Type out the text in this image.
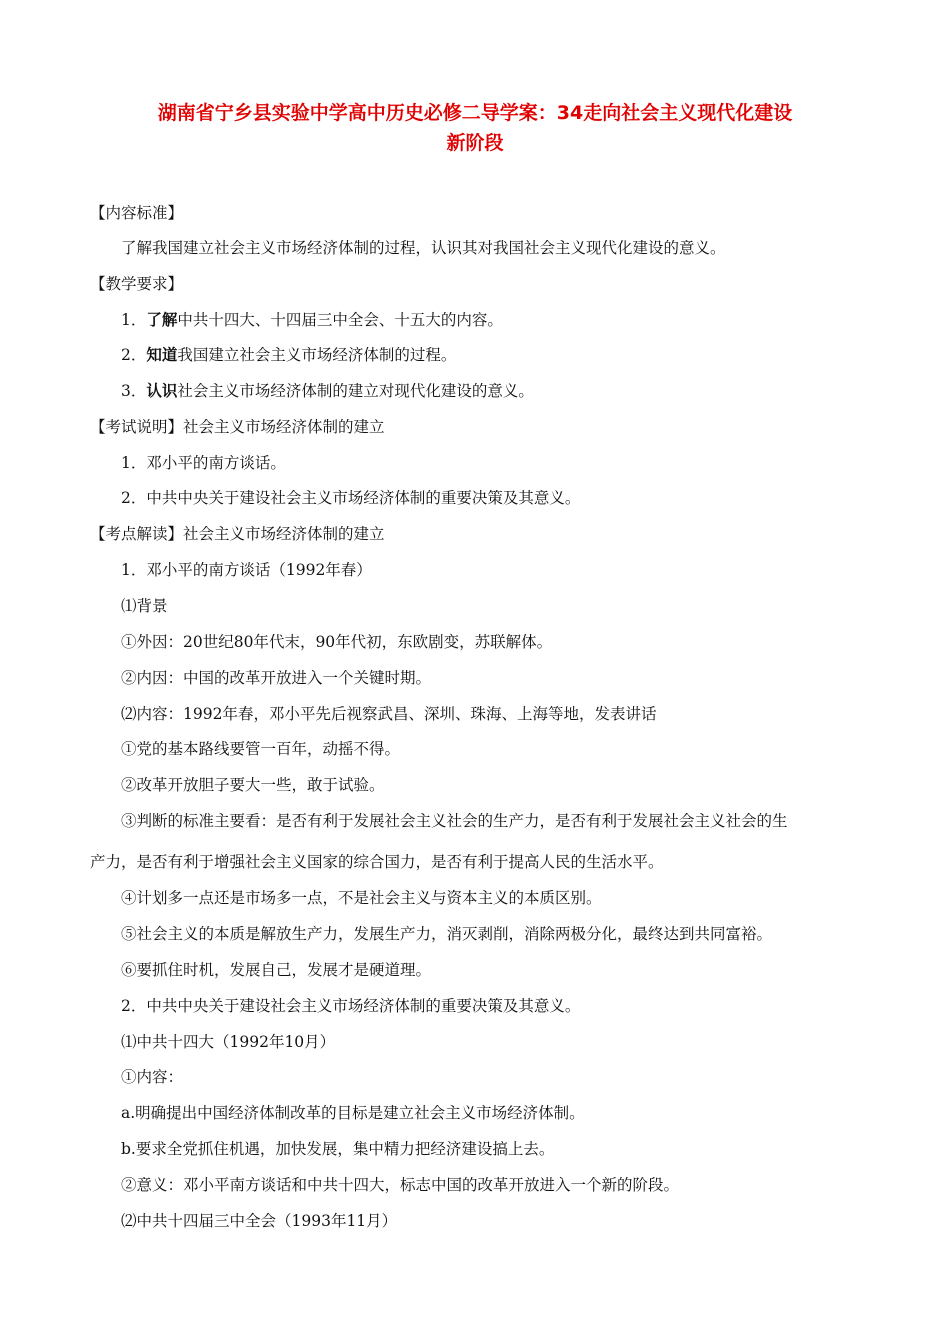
湖南省宁乡县实验中学高中历史必修二导学案：34走向社会主义现代化建设
新阶段
【内容标准】
了解我国建立社会主义市场经济体制的过程，认识其对我国社会主义现代化建设的意义。
【教学要求】
1．了解中共十四大、十四届三中全会、十五大的内容。
2．知道我国建立社会主义市场经济体制的过程。
3．认识社会主义市场经济体制的建立对现代化建设的意义。
【考试说明】社会主义市场经济体制的建立
1．邓小平的南方谈话。
2．中共中央关于建设社会主义市场经济体制的重要决策及其意义。
【考点解读】社会主义市场经济体制的建立
1．邓小平的南方谈话（1992年春）
⑴背景
①外因：20世纪80年代末，90年代初，东欧剧变，苏联解体。
②内因：中国的改革开放进入一个关键时期。
⑵内容：1992年春，邓小平先后视察武昌、深圳、珠海、上海等地，发表讲话
①党的基本路线要管一百年，动摇不得。
②改革开放胆子要大一些，敢于试验。
③判断的标准主要看：是否有利于发展社会主义社会的生产力，是否有利于发展社会主义社会的生
产力，是否有利于增强社会主义国家的综合国力，是否有利于提高人民的生活水平。
④计划多一点还是市场多一点，不是社会主义与资本主义的本质区别。
⑤社会主义的本质是解放生产力，发展生产力，消灭剥削，消除两极分化，最终达到共同富裕。
⑥要抓住时机，发展自己，发展才是硬道理。
2．中共中央关于建设社会主义市场经济体制的重要决策及其意义。
⑴中共十四大（1992年10月）
①内容：
a.明确提出中国经济体制改革的目标是建立社会主义市场经济体制。
b.要求全党抓住机遇，加快发展，集中精力把经济建设搞上去。
②意义：邓小平南方谈话和中共十四大，标志中国的改革开放进入一个新的阶段。
⑵中共十四届三中全会（1993年11月）
